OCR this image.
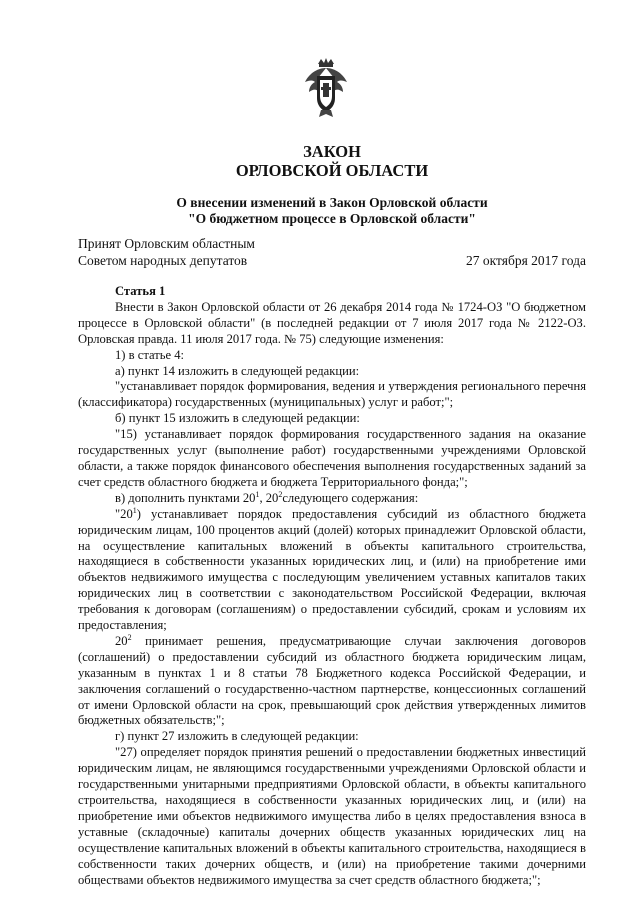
ЗАКОН

ОРЛОВСКОЙ ОБЛАСТИ

О внесении изменений в Закон Орловской области
"О бюджетном процессе в Орловской области"
Принят Орловским областным
Советом народных депутатов	27 октября 2017 года

Статья 1

Внести в Закон Орловской области от 26 декабря 2014 года № 1724-ОЗ "О бюджетном процессе в Орловской области" (в последней редакции от 7 июля 2017 года № 2122-ОЗ. Орловская правда. 11 июля 2017 года. № 75) следующие изменения:

1) в статье 4:

а) пункт 14 изложить в следующей редакции:

"устанавливает порядок формирования, ведения и утверждения регионального перечня (классификатора) государственных (муниципальных) услуг и работ;";

б) пункт 15 изложить в следующей редакции:

"15) устанавливает порядок формирования государственного задания на оказание государственных услуг (выполнение работ) государственными учреждениями Орловской области, а также порядок финансового обеспечения выполнения государственных заданий за счет средств областного бюджета и бюджета Территориального фонда;";

в) дополнить пунктами $20^1$, $20^2следующего$ содержания:

"$20^1$) устанавливает порядок предоставления субсидий из областного бюджета юридическим лицам, 100 процентов акций (долей) которых принадлежит Орловской области, на осуществление капитальных вложений в объекты капитального строительства, находящиеся в собственности указанных юридических лиц, и (или) на приобретение ими объектов недвижимого имущества с последующим увеличением уставных капиталов таких юридических лиц в соответствии с законодательством Российской Федерации, включая требования к договорам (соглашениям) о предоставлении субсидий, срокам и условиям их предоставления;

$20^2$ принимает решения, предусматривающие случаи заключения договоров (соглашений) о предоставлении субсидий из областного бюджета юридическим лицам, указанным в пунктах 1 и 8 статьи 78 Бюджетного кодекса Российской Федерации, и заключения соглашений о государственно-частном партнерстве, концессионных соглашений от имени Орловской области на срок, превышающий срок действия утвержденных лимитов бюджетных обязательств;";

г) пункт 27 изложить в следующей редакции:

"27) определяет порядок принятия решений о предоставлении бюджетных инвестиций юридическим лицам, не являющимся государственными учреждениями Орловской области и государственными унитарными предприятиями Орловской области, в объекты капитального строительства, находящиеся в собственности указанных юридических лиц, и (или) на приобретение ими объектов недвижимого имущества либо в целях предоставления взноса в уставные (складочные) капиталы дочерних обществ указанных юридических лиц на осуществление капитальных вложений в объекты капитального строительства, находящиеся в собственности таких дочерних обществ, и (или) на приобретение такими дочерними обществами объектов недвижимого имущества за счет средств областного бюджета;";
